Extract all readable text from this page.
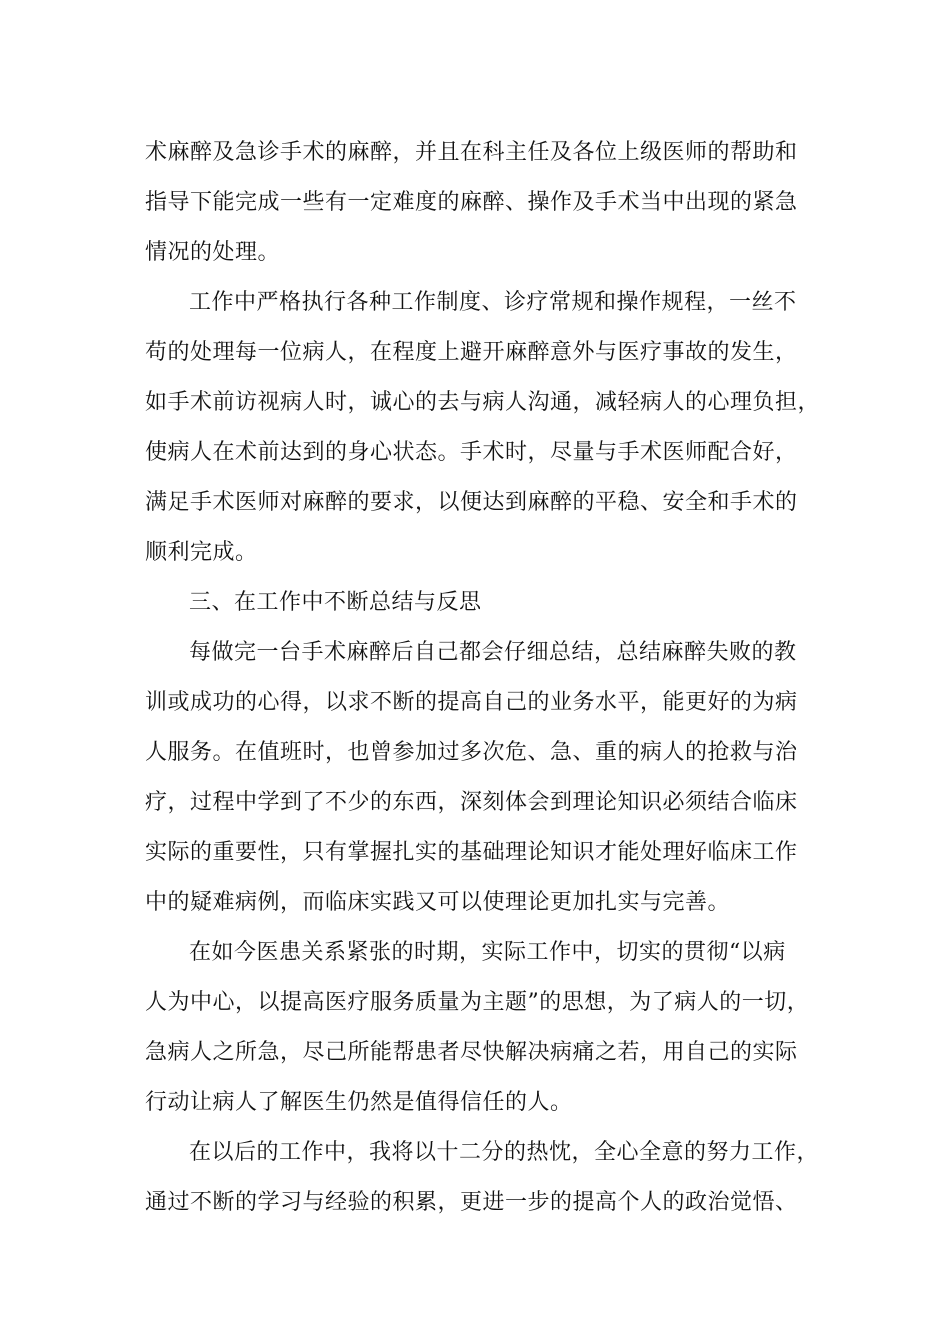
术麻醉及急诊手术的麻醉，并且在科主任及各位上级医师的帮助和
指导下能完成一些有一定难度的麻醉、操作及手术当中出现的紧急
情况的处理。
工作中严格执行各种工作制度、诊疗常规和操作规程，一丝不
苟的处理每一位病人，在程度上避开麻醉意外与医疗事故的发生，
如手术前访视病人时，诚心的去与病人沟通，减轻病人的心理负担，
使病人在术前达到的身心状态。手术时，尽量与手术医师配合好，
满足手术医师对麻醉的要求，以便达到麻醉的平稳、安全和手术的
顺利完成。
三、在工作中不断总结与反思
每做完一台手术麻醉后自己都会仔细总结，总结麻醉失败的教
训或成功的心得，以求不断的提高自己的业务水平，能更好的为病
人服务。在值班时，也曾参加过多次危、急、重的病人的抢救与治
疗，过程中学到了不少的东西，深刻体会到理论知识必须结合临床
实际的重要性，只有掌握扎实的基础理论知识才能处理好临床工作
中的疑难病例，而临床实践又可以使理论更加扎实与完善。
在如今医患关系紧张的时期，实际工作中，切实的贯彻“以病
人为中心，以提高医疗服务质量为主题”的思想，为了病人的一切，
急病人之所急，尽己所能帮患者尽快解决病痛之若，用自己的实际
行动让病人了解医生仍然是值得信任的人。
在以后的工作中，我将以十二分的热忱，全心全意的努力工作，
通过不断的学习与经验的积累，更进一步的提高个人的政治觉悟、
